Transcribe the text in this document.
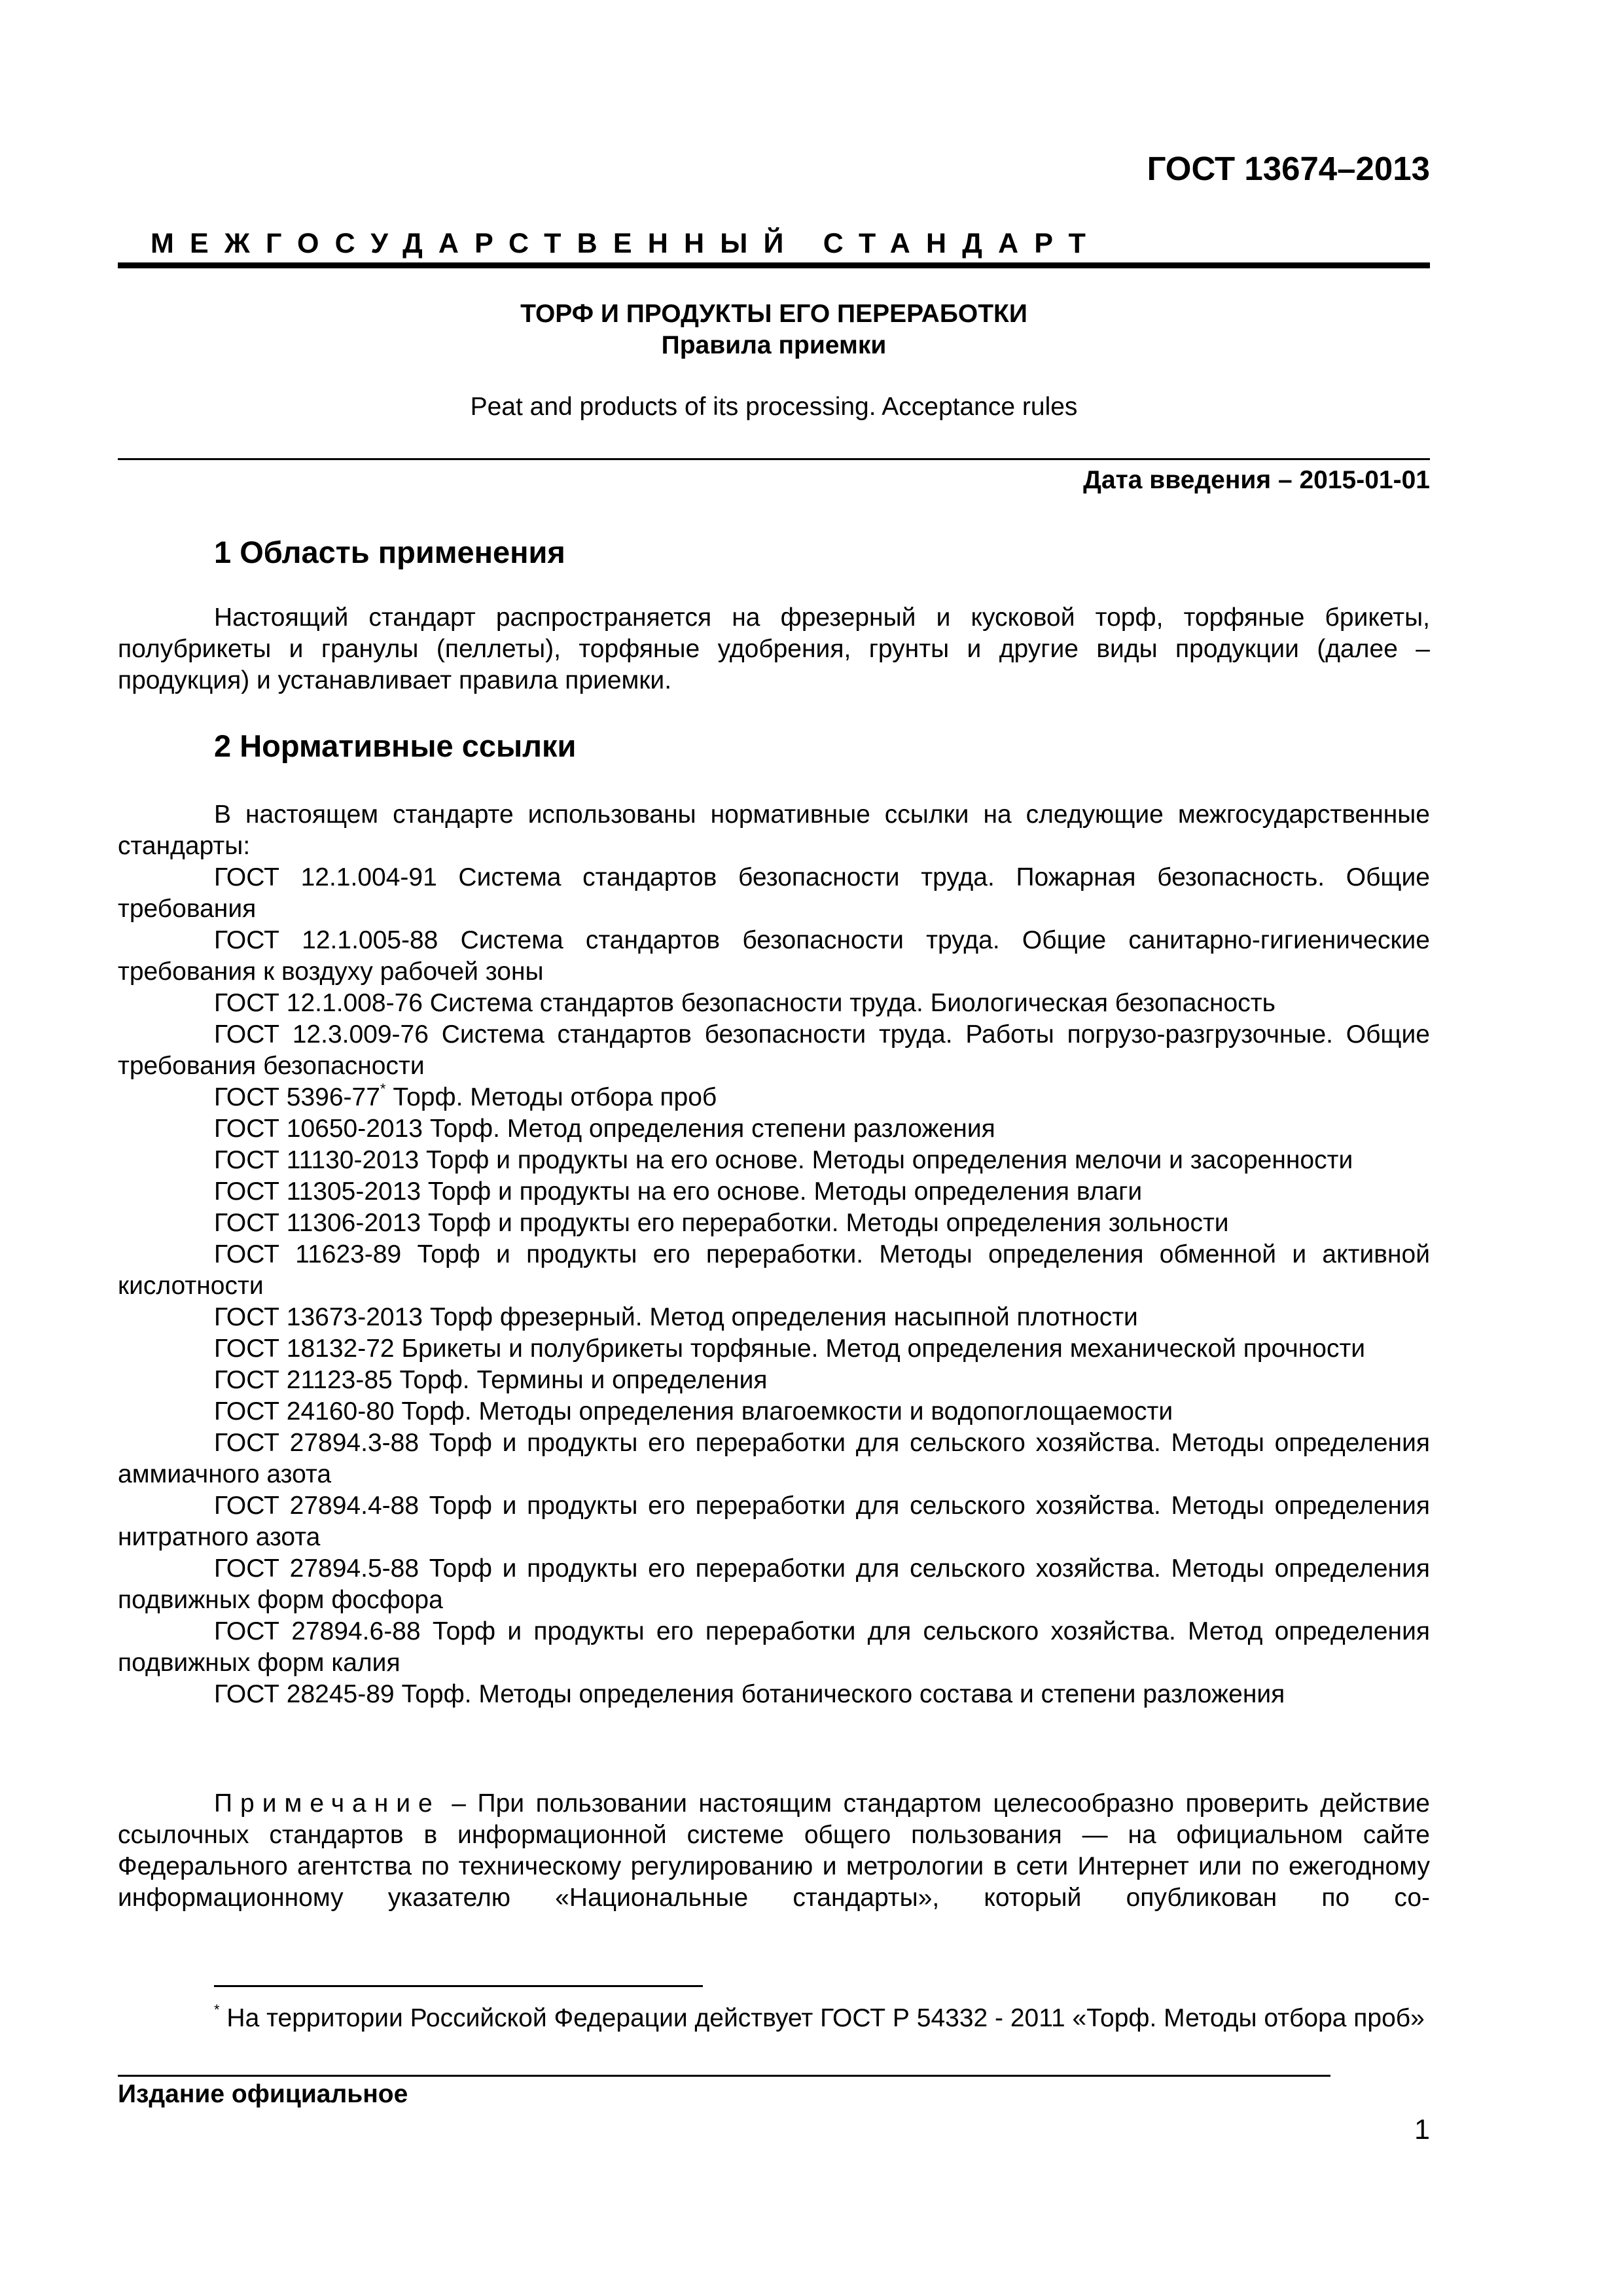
ГОСТ 13674–2013

МЕЖГОСУДАРСТВЕННЫЙ СТАНДАРТ

ТОРФ И ПРОДУКТЫ ЕГО ПЕРЕРАБОТКИ

Правила приемки

Peat and products of its processing. Acceptance rules

Дата введения – 2015-01-01

1 Область применения

Настоящий стандарт распространяется на фрезерный и кусковой торф, торфяные брикеты, полубрикеты и гранулы (пеллеты), торфяные удобрения, грунты и другие виды продукции (далее – продукция) и устанавливает правила приемки.

2 Нормативные ссылки

В настоящем стандарте использованы нормативные ссылки на следующие межгосударственные стандарты:

ГОСТ 12.1.004-91 Система стандартов безопасности труда. Пожарная безопасность. Общие требования

ГОСТ 12.1.005-88 Система стандартов безопасности труда. Общие санитарно-гигиенические требования к воздуху рабочей зоны

ГОСТ 12.1.008-76 Система стандартов безопасности труда. Биологическая безопасность

ГОСТ 12.3.009-76 Система стандартов безопасности труда. Работы погрузо-разгрузочные. Общие требования безопасности

ГОСТ 5396-77* Торф. Методы отбора проб

ГОСТ 10650-2013 Торф. Метод определения степени разложения

ГОСТ 11130-2013 Торф и продукты на его основе. Методы определения мелочи и засоренности

ГОСТ 11305-2013 Торф и продукты на его основе. Методы определения влаги

ГОСТ 11306-2013 Торф и продукты его переработки. Методы определения зольности

ГОСТ 11623-89 Торф и продукты его переработки. Методы определения обменной и активной кислотности

ГОСТ 13673-2013 Торф фрезерный. Метод определения насыпной плотности

ГОСТ 18132-72 Брикеты и полубрикеты торфяные. Метод определения механической прочности

ГОСТ 21123-85 Торф. Термины и определения

ГОСТ 24160-80 Торф. Методы определения влагоемкости и водопоглощаемости

ГОСТ 27894.3-88 Торф и продукты его переработки для сельского хозяйства. Методы определения аммиачного азота

ГОСТ 27894.4-88 Торф и продукты его переработки для сельского хозяйства. Методы определения нитратного азота

ГОСТ 27894.5-88 Торф и продукты его переработки для сельского хозяйства. Методы определения подвижных форм фосфора

ГОСТ 27894.6-88 Торф и продукты его переработки для сельского хозяйства. Метод определения подвижных форм калия

ГОСТ 28245-89 Торф. Методы определения ботанического состава и степени разложения

Примечание – При пользовании настоящим стандартом целесообразно проверить действие ссылочных стандартов в информационной системе общего пользования — на официальном сайте Федерального агентства по техническому регулированию и метрологии в сети Интернет или по ежегодному информационному указателю «Национальные стандарты», который опубликован по со-

* На территории Российской Федерации действует ГОСТ Р 54332 - 2011 «Торф. Методы отбора проб»

Издание официальное

1
